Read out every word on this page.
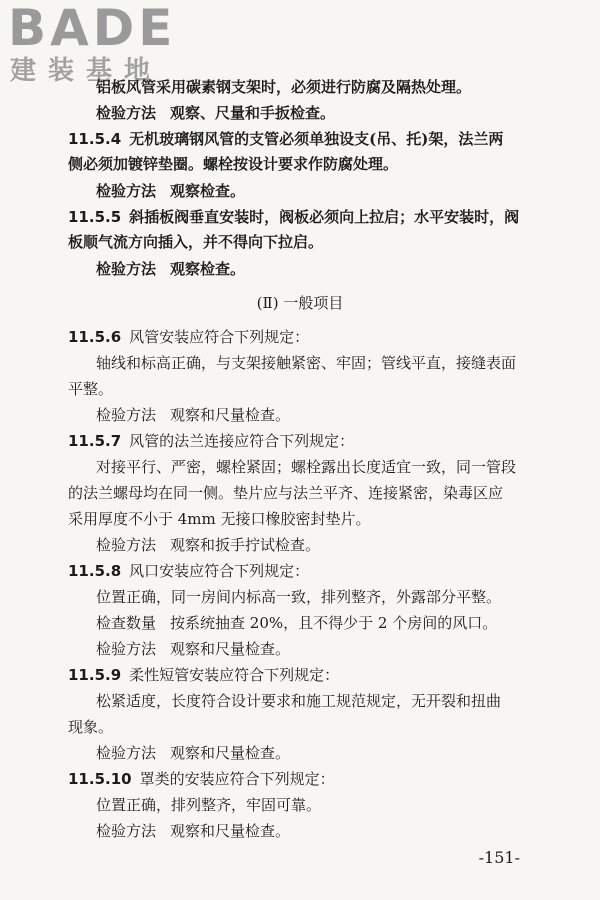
BADE
建装基地
铝板风管采用碳素钢支架时，必须进行防腐及隔热处理。
检验方法 观察、尺量和手扳检查。
11.5.4 无机玻璃钢风管的支管必须单独设支(吊、托)架，法兰两
侧必须加镀锌垫圈。螺栓按设计要求作防腐处理。
检验方法 观察检查。
11.5.5 斜插板阀垂直安装时，阀板必须向上拉启；水平安装时，阀
板顺气流方向插入，并不得向下拉启。
检验方法 观察检查。
(Ⅱ) 一般项目
11.5.6 风管安装应符合下列规定：
轴线和标高正确，与支架接触紧密、牢固；管线平直，接缝表面
平整。
检验方法 观察和尺量检查。
11.5.7 风管的法兰连接应符合下列规定：
对接平行、严密，螺栓紧固；螺栓露出长度适宜一致，同一管段
的法兰螺母均在同一侧。垫片应与法兰平齐、连接紧密，染毒区应
采用厚度不小于 4mm 无接口橡胶密封垫片。
检验方法 观察和扳手拧试检查。
11.5.8 风口安装应符合下列规定：
位置正确，同一房间内标高一致，排列整齐，外露部分平整。
检查数量 按系统抽查 20%，且不得少于 2 个房间的风口。
检验方法 观察和尺量检查。
11.5.9 柔性短管安装应符合下列规定：
松紧适度，长度符合设计要求和施工规范规定，无开裂和扭曲
现象。
检验方法 观察和尺量检查。
11.5.10 罩类的安装应符合下列规定：
位置正确，排列整齐，牢固可靠。
检验方法 观察和尺量检查。
-151-
